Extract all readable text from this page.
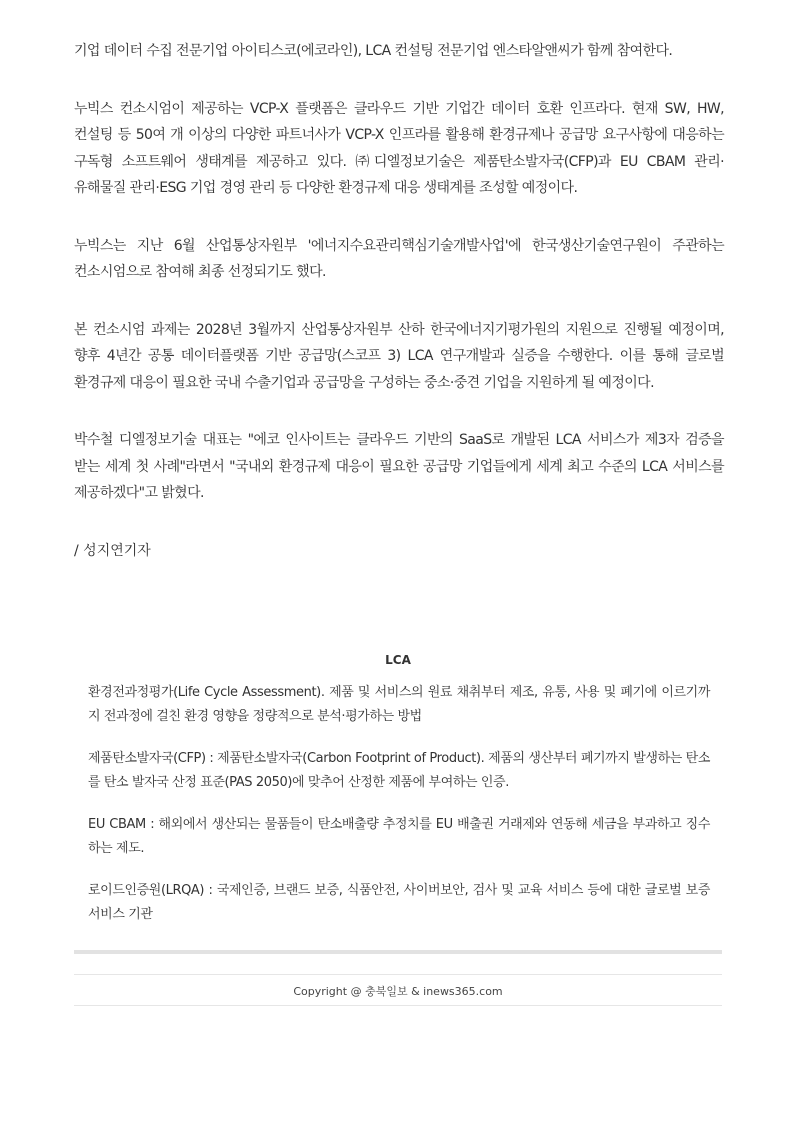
기업 데이터 수집 전문기업 아이티스코(에코라인), LCA 컨설팅 전문기업 엔스타알앤씨가 함께 참여한다.

누빅스 컨소시엄이 제공하는 VCP-X 플랫폼은 클라우드 기반 기업간 데이터 호환 인프라다. 현재 SW, HW, 컨설팅 등 50여 개 이상의 다양한 파트너사가 VCP-X 인프라를 활용해 환경규제나 공급망 요구사항에 대응하는 구독형 소프트웨어 생태계를 제공하고 있다. ㈜디엘정보기술은 제품탄소발자국(CFP)과 EU CBAM 관리·유해물질 관리·ESG 기업 경영 관리 등 다양한 환경규제 대응 생태계를 조성할 예정이다.

누빅스는 지난 6월 산업통상자원부 '에너지수요관리핵심기술개발사업'에 한국생산기술연구원이 주관하는 컨소시엄으로 참여해 최종 선정되기도 했다.

본 컨소시엄 과제는 2028년 3월까지 산업통상자원부 산하 한국에너지기평가원의 지원으로 진행될 예정이며, 향후 4년간 공통 데이터플랫폼 기반 공급망(스코프 3) LCA 연구개발과 실증을 수행한다. 이를 통해 글로벌 환경규제 대응이 필요한 국내 수출기업과 공급망을 구성하는 중소·중견 기업을 지원하게 될 예정이다.

박수철 디엘정보기술 대표는 "에코 인사이트는 클라우드 기반의 SaaS로 개발된 LCA 서비스가 제3자 검증을 받는 세계 첫 사례"라면서 "국내외 환경규제 대응이 필요한 공급망 기업들에게 세계 최고 수준의 LCA 서비스를 제공하겠다"고 밝혔다.

/ 성지연기자

LCA

환경전과정평가(Life Cycle Assessment). 제품 및 서비스의 원료 채취부터 제조, 유통, 사용 및 폐기에 이르기까지 전과정에 걸친 환경 영향을 정량적으로 분석·평가하는 방법

제품탄소발자국(CFP) : 제품탄소발자국(Carbon Footprint of Product). 제품의 생산부터 폐기까지 발생하는 탄소를 탄소 발자국 산정 표준(PAS 2050)에 맞추어 산정한 제품에 부여하는 인증.

EU CBAM : 해외에서 생산되는 물품들이 탄소배출량 추정치를 EU 배출권 거래제와 연동해 세금을 부과하고 징수하는 제도.

로이드인증원(LRQA) : 국제인증, 브랜드 보증, 식품안전, 사이버보안, 검사 및 교육 서비스 등에 대한 글로벌 보증 서비스 기관

Copyright @ 충북일보 & inews365.com
